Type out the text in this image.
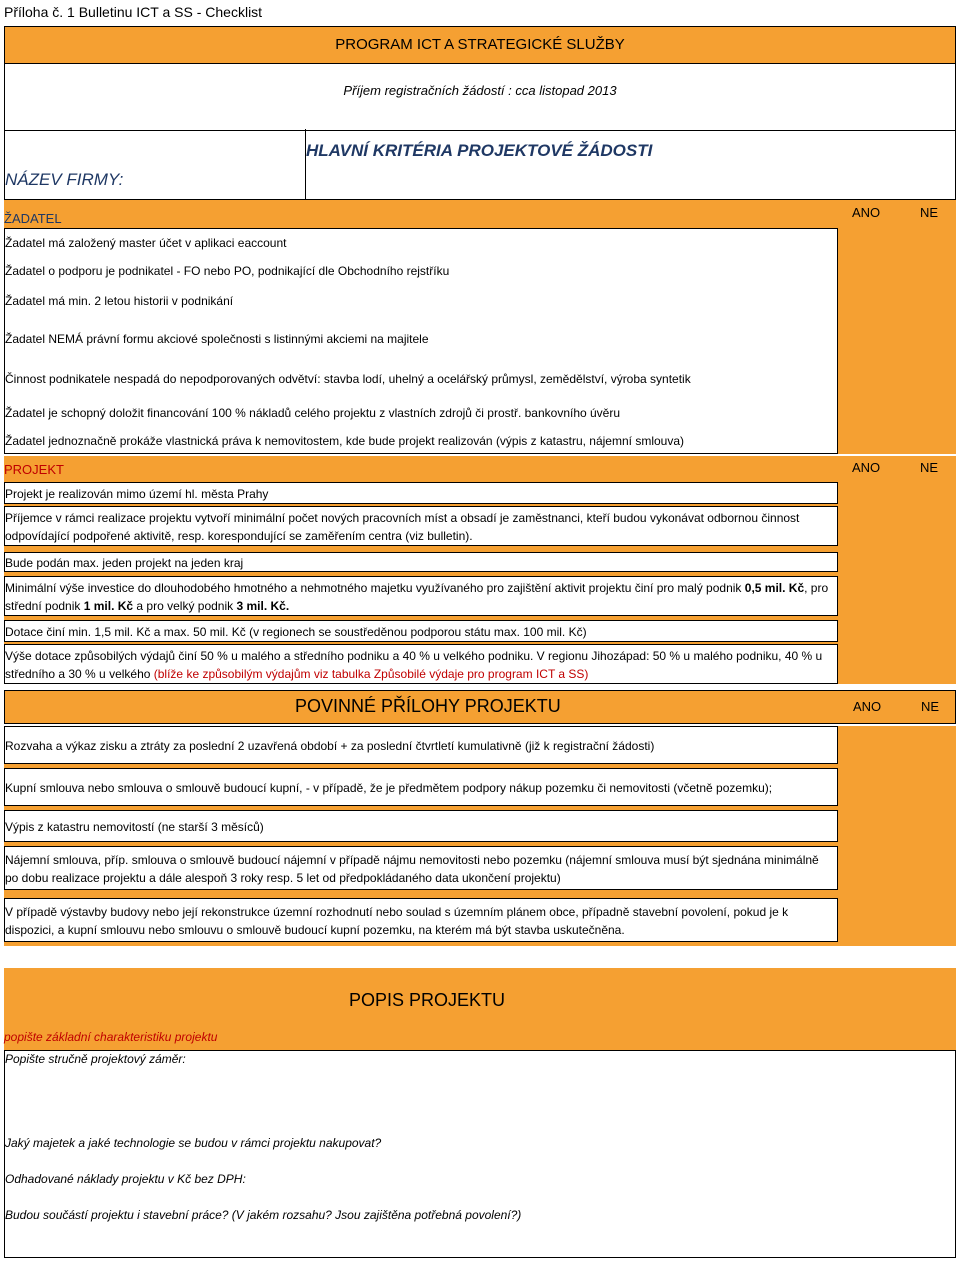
Příloha č. 1 Bulletinu ICT a SS - Checklist
PROGRAM ICT A STRATEGICKÉ SLUŽBY
Příjem registračních žádostí : cca listopad 2013
NÁZEV FIRMY:
HLAVNÍ KRITÉRIA PROJEKTOVÉ ŽÁDOSTI
ŽADATEL	ANO	NE
Žadatel má založený master účet v aplikaci eaccount
Žadatel o podporu je podnikatel - FO nebo PO, podnikající dle Obchodního rejstříku
Žadatel má min. 2 letou historii v podnikání
Žadatel NEMÁ právní formu akciové společnosti s listinnými akciemi na majitele
Činnost podnikatele nespadá do nepodporovaných odvětví: stavba lodí, uhelný a ocelářský průmysl, zemědělství, výroba syntetik
Žadatel je schopný doložit financování 100 % nákladů celého projektu z vlastních zdrojů či prostř. bankovního úvěru
Žadatel jednoznačně prokáže vlastnická práva k nemovitostem, kde bude projekt realizován (výpis z katastru, nájemní smlouva)
PROJEKT	ANO	NE
Projekt je realizován mimo území hl. města Prahy
Příjemce v rámci realizace projektu vytvoří minimální počet nových pracovních míst a obsadí je zaměstnanci, kteří budou vykonávat odbornou činnost odpovídající podpořené aktivitě, resp. korespondující se zaměřením centra (viz bulletin).
Bude podán max. jeden projekt na jeden kraj
Minimální výše investice do dlouhodobého hmotného a nehmotného majetku využívaného pro zajištění aktivit projektu činí pro malý podnik 0,5 mil. Kč, pro střední podnik 1 mil. Kč a pro velký podnik 3 mil. Kč.
Dotace činí min. 1,5 mil. Kč a max. 50 mil. Kč (v regionech se soustředěnou podporou státu max. 100 mil. Kč)
Výše dotace způsobilých výdajů činí 50 % u malého a středního podniku a 40 % u velkého podniku. V regionu Jihozápad: 50 % u malého podniku, 40 % u středního a 30 % u velkého (blíže ke způsobilým výdajům viz tabulka Způsobilé výdaje pro program ICT a SS)
POVINNÉ PŘÍLOHY PROJEKTU	ANO	NE
Rozvaha a výkaz zisku a ztráty za poslední 2 uzavřená období + za poslední čtvrtletí kumulativně (již k registrační žádosti)
Kupní smlouva nebo smlouva o smlouvě budoucí kupní, - v případě, že je předmětem podpory nákup pozemku či nemovitosti (včetně pozemku);
Výpis z katastru nemovitostí (ne starší 3 měsíců)
Nájemní smlouva, příp. smlouva o smlouvě budoucí nájemní v případě nájmu nemovitosti nebo pozemku (nájemní smlouva musí být sjednána minimálně po dobu realizace projektu a dále alespoň 3 roky resp. 5 let od předpokládaného data ukončení projektu)
V případě výstavby budovy nebo její rekonstrukce územní rozhodnutí nebo soulad s územním plánem obce, případně stavební povolení, pokud je k dispozici, a kupní smlouvu nebo smlouvu o smlouvě budoucí kupní pozemku, na kterém má být stavba uskutečněna.
POPIS PROJEKTU
popište základní charakteristiku projektu
Popište stručně projektový záměr:
Jaký majetek a jaké technologie se budou v rámci projektu nakupovat?
Odhadované náklady projektu v Kč bez DPH:
Budou součástí projektu i stavební práce? (V jakém rozsahu? Jsou zajištěna potřebná povolení?)
